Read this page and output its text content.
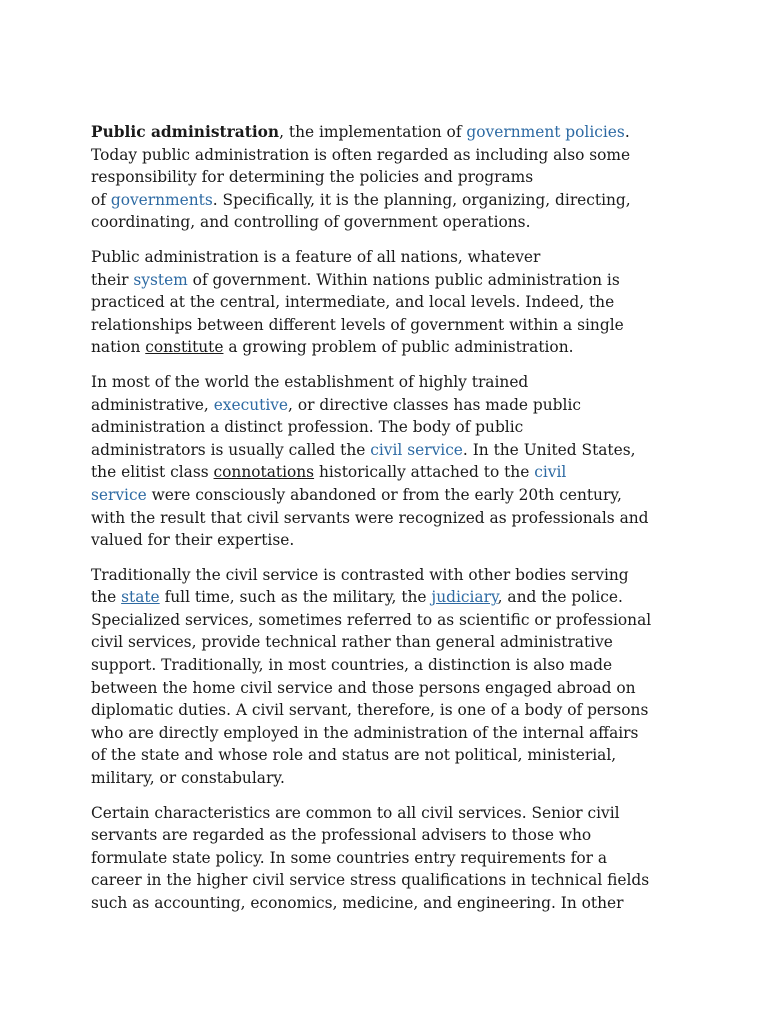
Public administration, the implementation of government policies.
Today public administration is often regarded as including also some
responsibility for determining the policies and programs
of governments. Specifically, it is the planning, organizing, directing,
coordinating, and controlling of government operations.

Public administration is a feature of all nations, whatever
their system of government. Within nations public administration is
practiced at the central, intermediate, and local levels. Indeed, the
relationships between different levels of government within a single
nation constitute a growing problem of public administration.

In most of the world the establishment of highly trained
administrative, executive, or directive classes has made public
administration a distinct profession. The body of public
administrators is usually called the civil service. In the United States,
the elitist class connotations historically attached to the civil
service were consciously abandoned or from the early 20th century,
with the result that civil servants were recognized as professionals and
valued for their expertise.

Traditionally the civil service is contrasted with other bodies serving
the state full time, such as the military, the judiciary, and the police.
Specialized services, sometimes referred to as scientific or professional
civil services, provide technical rather than general administrative
support. Traditionally, in most countries, a distinction is also made
between the home civil service and those persons engaged abroad on
diplomatic duties. A civil servant, therefore, is one of a body of persons
who are directly employed in the administration of the internal affairs
of the state and whose role and status are not political, ministerial,
military, or constabulary.

Certain characteristics are common to all civil services. Senior civil
servants are regarded as the professional advisers to those who
formulate state policy. In some countries entry requirements for a
career in the higher civil service stress qualifications in technical fields
such as accounting, economics, medicine, and engineering. In other
